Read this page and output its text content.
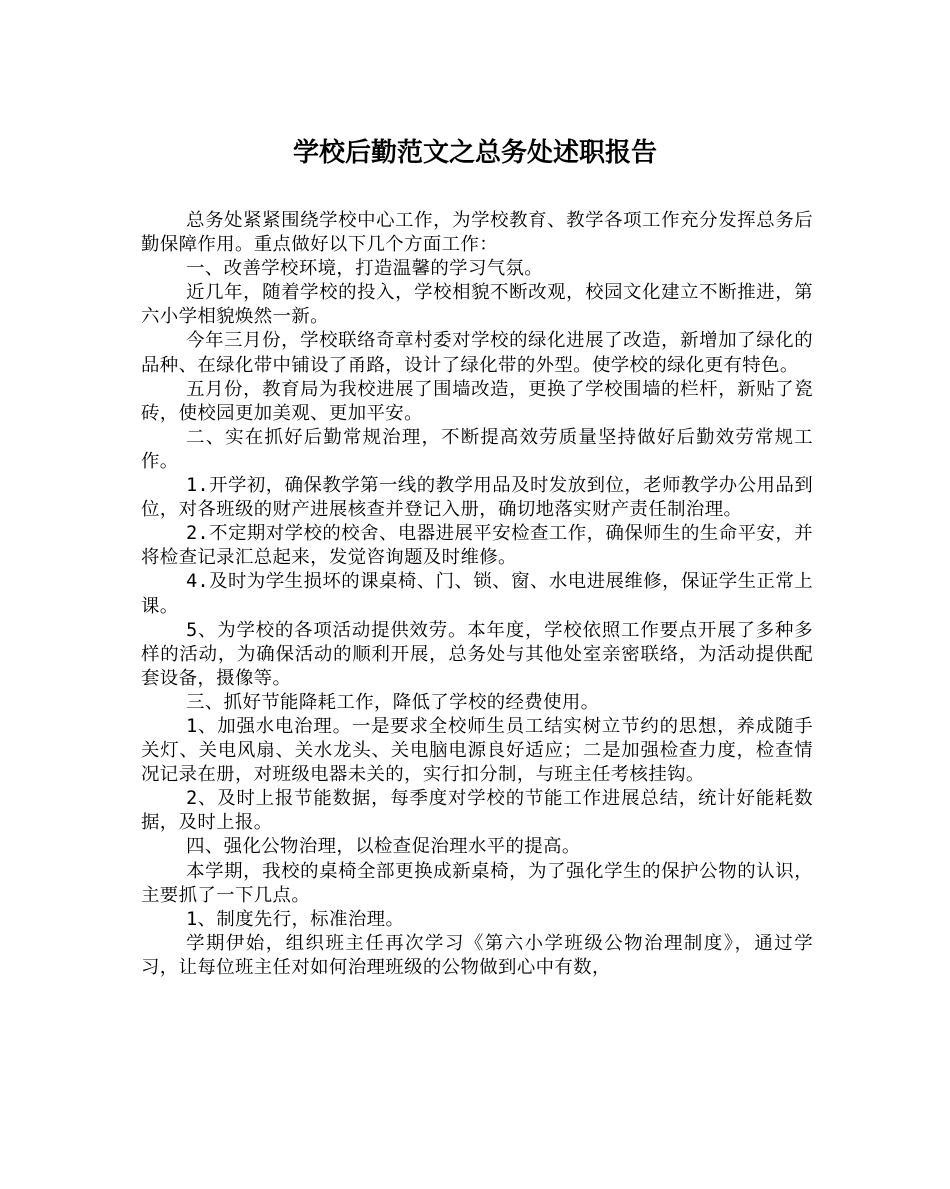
学校后勤范文之总务处述职报告

总务处紧紧围绕学校中心工作，为学校教育、教学各项工作充分发挥总务后勤保障作用。重点做好以下几个方面工作：

一、改善学校环境，打造温馨的学习气氛。

近几年，随着学校的投入，学校相貌不断改观，校园文化建立不断推进，第六小学相貌焕然一新。

今年三月份，学校联络奇章村委对学校的绿化进展了改造，新增加了绿化的品种、在绿化带中铺设了甬路，设计了绿化带的外型。使学校的绿化更有特色。

五月份，教育局为我校进展了围墙改造，更换了学校围墙的栏杆，新贴了瓷砖，使校园更加美观、更加平安。

二、实在抓好后勤常规治理，不断提高效劳质量坚持做好后勤效劳常规工作。

1.开学初，确保教学第一线的教学用品及时发放到位，老师教学办公用品到位，对各班级的财产进展核查并登记入册，确切地落实财产责任制治理。

2.不定期对学校的校舍、电器进展平安检查工作，确保师生的生命平安，并将检查记录汇总起来，发觉咨询题及时维修。

4.及时为学生损坏的课桌椅、门、锁、窗、水电进展维修，保证学生正常上课。

5、为学校的各项活动提供效劳。本年度，学校依照工作要点开展了多种多样的活动，为确保活动的顺利开展，总务处与其他处室亲密联络，为活动提供配套设备，摄像等。

三、抓好节能降耗工作，降低了学校的经费使用。

1、加强水电治理。一是要求全校师生员工结实树立节约的思想，养成随手关灯、关电风扇、关水龙头、关电脑电源良好适应；二是加强检查力度，检查情况记录在册，对班级电器未关的，实行扣分制，与班主任考核挂钩。

2、及时上报节能数据，每季度对学校的节能工作进展总结，统计好能耗数据，及时上报。

四、强化公物治理，以检查促治理水平的提高。

本学期，我校的桌椅全部更换成新桌椅，为了强化学生的保护公物的认识，主要抓了一下几点。

1、制度先行，标准治理。

学期伊始，组织班主任再次学习《第六小学班级公物治理制度》，通过学习，让每位班主任对如何治理班级的公物做到心中有数，
